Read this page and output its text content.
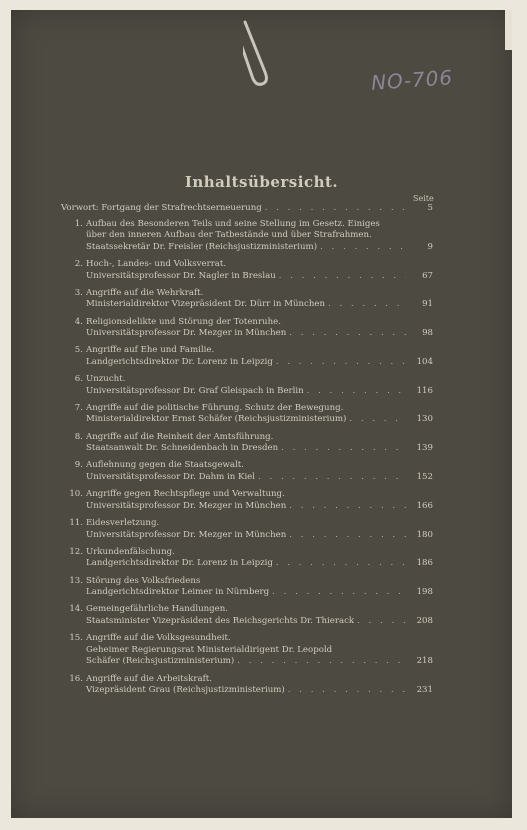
NO-706
Inhaltsübersicht.
Seite
Vorwort: Fortgang der Strafrechtserneuerung . . .	5
1. Aufbau des Besonderen Teils und seine Stellung im Gesetz. Einiges
über den inneren Aufbau der Tatbestände und über Strafrahmen.
Staatssekretär Dr. Freisler (Reichsjustizministerium) . . .	9
2. Hoch-, Landes- und Volksverrat.
Universitätsprofessor Dr. Nagler in Breslau . . .	67
3. Angriffe auf die Wehrkraft.
Ministerialdirektor Vizepräsident Dr. Dürr in München . . .	91
4. Religionsdelikte und Störung der Totenruhe.
Universitätsprofessor Dr. Mezger in München . . .	98
5. Angriffe auf Ehe und Familie.
Landgerichtsdirektor Dr. Lorenz in Leipzig . . .	104
6. Unzucht.
Universitätsprofessor Dr. Graf Gleispach in Berlin . . .	116
7. Angriffe auf die politische Führung. Schutz der Bewegung.
Ministerialdirektor Ernst Schäfer (Reichsjustizministerium) . . .	130
8. Angriffe auf die Reinheit der Amtsführung.
Staatsanwalt Dr. Schneidenbach in Dresden . . .	139
9. Auflehnung gegen die Staatsgewalt.
Universitätsprofessor Dr. Dahm in Kiel . . .	152
10. Angriffe gegen Rechtspflege und Verwaltung.
Universitätsprofessor Dr. Mezger in München . . .	166
11. Eidesverletzung.
Universitätsprofessor Dr. Mezger in München . . .	180
12. Urkundenfälschung.
Landgerichtsdirektor Dr. Lorenz in Leipzig . . .	186
13. Störung des Volksfriedens
Landgerichtsdirektor Leimer in Nürnberg . . .	198
14. Gemeingefährliche Handlungen.
Staatsminister Vizepräsident des Reichsgerichts Dr. Thierack . . .	208
15. Angriffe auf die Volksgesundheit.
Geheimer Regierungsrat Ministerialdirigent Dr. Leopold
Schäfer (Reichsjustizministerium) . . .	218
16. Angriffe auf die Arbeitskraft.
Vizepräsident Grau (Reichsjustizministerium) . . .	231
